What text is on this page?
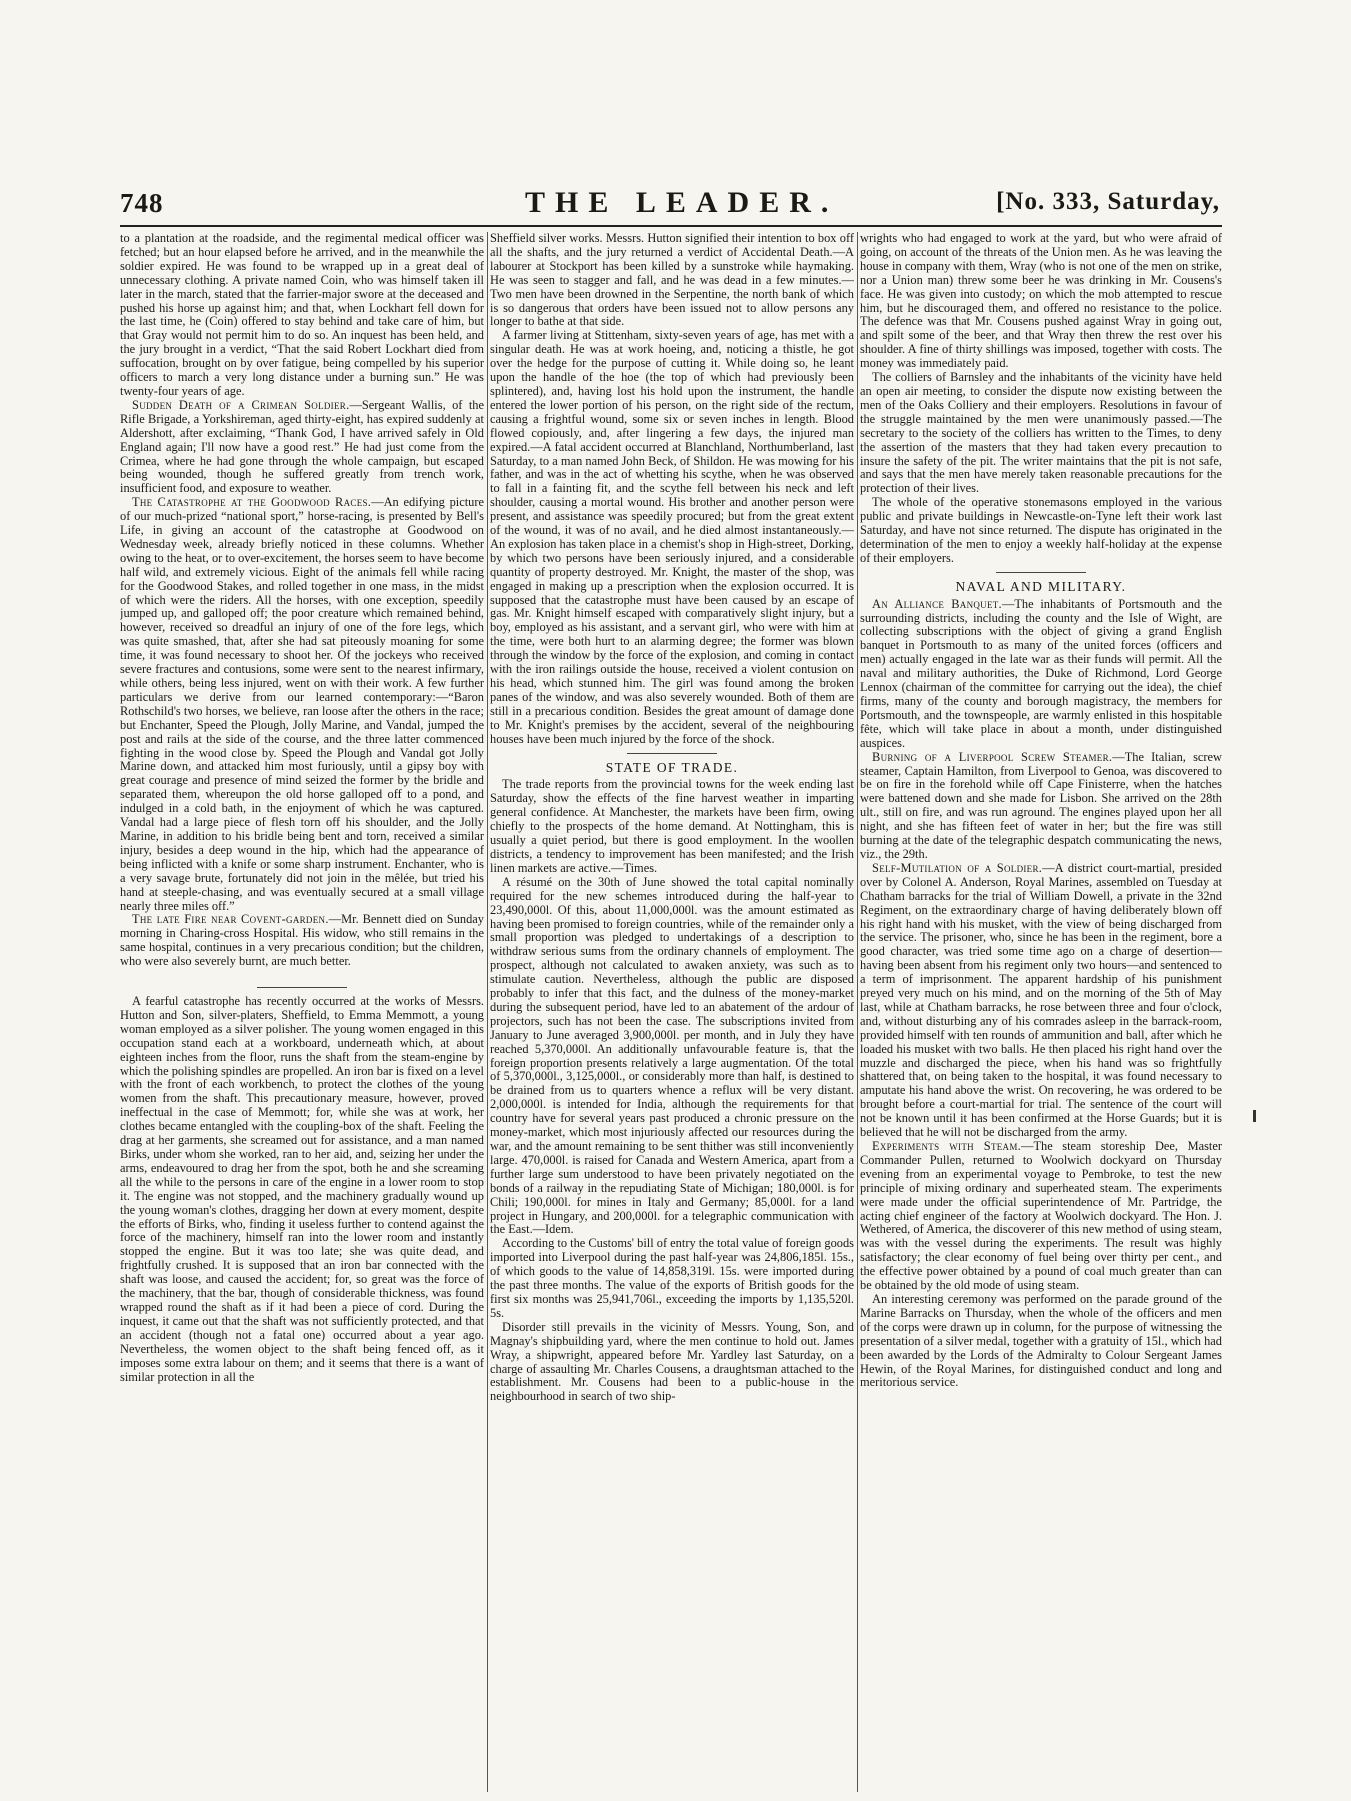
748	THE LEADER.	[No. 333, Saturday,

to a plantation at the roadside, and the regimental medical officer was fetched; but an hour elapsed before he arrived, and in the meanwhile the soldier expired. He was found to be wrapped up in a great deal of unnecessary clothing. A private named Coin, who was himself taken ill later in the march, stated that the farrier-major swore at the deceased and pushed his horse up against him; and that, when Lockhart fell down for the last time, he (Coin) offered to stay behind and take care of him, but that Gray would not permit him to do so. An inquest has been held, and the jury brought in a verdict, “That the said Robert Lockhart died from suffocation, brought on by over fatigue, being compelled by his superior officers to march a very long distance under a burning sun.” He was twenty-four years of age.

Sudden Death of a Crimean Soldier.—Sergeant Wallis, of the Rifle Brigade, a Yorkshireman, aged thirty-eight, has expired suddenly at Aldershott, after exclaiming, “Thank God, I have arrived safely in Old England again; I'll now have a good rest.” He had just come from the Crimea, where he had gone through the whole campaign, but escaped being wounded, though he suffered greatly from trench work, insufficient food, and exposure to weather.

The Catastrophe at the Goodwood Races.—An edifying picture of our much-prized “national sport,” horse-racing, is presented by Bell's Life, in giving an account of the catastrophe at Goodwood on Wednesday week, already briefly noticed in these columns. Whether owing to the heat, or to over-excitement, the horses seem to have become half wild, and extremely vicious. Eight of the animals fell while racing for the Goodwood Stakes, and rolled together in one mass, in the midst of which were the riders. All the horses, with one exception, speedily jumped up, and galloped off; the poor creature which remained behind, however, received so dreadful an injury of one of the fore legs, which was quite smashed, that, after she had sat piteously moaning for some time, it was found necessary to shoot her. Of the jockeys who received severe fractures and contusions, some were sent to the nearest infirmary, while others, being less injured, went on with their work. A few further particulars we derive from our learned contemporary:—“Baron Rothschild's two horses, we believe, ran loose after the others in the race; but Enchanter, Speed the Plough, Jolly Marine, and Vandal, jumped the post and rails at the side of the course, and the three latter commenced fighting in the wood close by. Speed the Plough and Vandal got Jolly Marine down, and attacked him most furiously, until a gipsy boy with great courage and presence of mind seized the former by the bridle and separated them, whereupon the old horse galloped off to a pond, and indulged in a cold bath, in the enjoyment of which he was captured. Vandal had a large piece of flesh torn off his shoulder, and the Jolly Marine, in addition to his bridle being bent and torn, received a similar injury, besides a deep wound in the hip, which had the appearance of being inflicted with a knife or some sharp instrument. Enchanter, who is a very savage brute, fortunately did not join in the mêlée, but tried his hand at steeple-chasing, and was eventually secured at a small village nearly three miles off.”

The late Fire near Covent-garden.—Mr. Bennett died on Sunday morning in Charing-cross Hospital. His widow, who still remains in the same hospital, continues in a very precarious condition; but the children, who were also severely burnt, are much better.

A fearful catastrophe has recently occurred at the works of Messrs. Hutton and Son, silver-platers, Sheffield, to Emma Memmott, a young woman employed as a silver polisher. The young women engaged in this occupation stand each at a workboard, underneath which, at about eighteen inches from the floor, runs the shaft from the steam-engine by which the polishing spindles are propelled. An iron bar is fixed on a level with the front of each workbench, to protect the clothes of the young women from the shaft. This precautionary measure, however, proved ineffectual in the case of Memmott; for, while she was at work, her clothes became entangled with the coupling-box of the shaft. Feeling the drag at her garments, she screamed out for assistance, and a man named Birks, under whom she worked, ran to her aid, and, seizing her under the arms, endeavoured to drag her from the spot, both he and she screaming all the while to the persons in care of the engine in a lower room to stop it. The engine was not stopped, and the machinery gradually wound up the young woman's clothes, dragging her down at every moment, despite the efforts of Birks, who, finding it useless further to contend against the force of the machinery, himself ran into the lower room and instantly stopped the engine. But it was too late; she was quite dead, and frightfully crushed. It is supposed that an iron bar connected with the shaft was loose, and caused the accident; for, so great was the force of the machinery, that the bar, though of considerable thickness, was found wrapped round the shaft as if it had been a piece of cord. During the inquest, it came out that the shaft was not sufficiently protected, and that an accident (though not a fatal one) occurred about a year ago. Nevertheless, the women object to the shaft being fenced off, as it imposes some extra labour on them; and it seems that there is a want of similar protection in all the

Sheffield silver works. Messrs. Hutton signified their intention to box off all the shafts, and the jury returned a verdict of Accidental Death.—A labourer at Stockport has been killed by a sunstroke while haymaking. He was seen to stagger and fall, and he was dead in a few minutes.—Two men have been drowned in the Serpentine, the north bank of which is so dangerous that orders have been issued not to allow persons any longer to bathe at that side.

A farmer living at Stittenham, sixty-seven years of age, has met with a singular death. He was at work hoeing, and, noticing a thistle, he got over the hedge for the purpose of cutting it. While doing so, he leant upon the handle of the hoe (the top of which had previously been splintered), and, having lost his hold upon the instrument, the handle entered the lower portion of his person, on the right side of the rectum, causing a frightful wound, some six or seven inches in length. Blood flowed copiously, and, after lingering a few days, the injured man expired.—A fatal accident occurred at Blanchland, Northumberland, last Saturday, to a man named John Beck, of Shildon. He was mowing for his father, and was in the act of whetting his scythe, when he was observed to fall in a fainting fit, and the scythe fell between his neck and left shoulder, causing a mortal wound. His brother and another person were present, and assistance was speedily procured; but from the great extent of the wound, it was of no avail, and he died almost instantaneously.—An explosion has taken place in a chemist's shop in High-street, Dorking, by which two persons have been seriously injured, and a considerable quantity of property destroyed. Mr. Knight, the master of the shop, was engaged in making up a prescription when the explosion occurred. It is supposed that the catastrophe must have been caused by an escape of gas. Mr. Knight himself escaped with comparatively slight injury, but a boy, employed as his assistant, and a servant girl, who were with him at the time, were both hurt to an alarming degree; the former was blown through the window by the force of the explosion, and coming in contact with the iron railings outside the house, received a violent contusion on his head, which stunned him. The girl was found among the broken panes of the window, and was also severely wounded. Both of them are still in a precarious condition. Besides the great amount of damage done to Mr. Knight's premises by the accident, several of the neighbouring houses have been much injured by the force of the shock.

STATE OF TRADE.

The trade reports from the provincial towns for the week ending last Saturday, show the effects of the fine harvest weather in imparting general confidence. At Manchester, the markets have been firm, owing chiefly to the prospects of the home demand. At Nottingham, this is usually a quiet period, but there is good employment. In the woollen districts, a tendency to improvement has been manifested; and the Irish linen markets are active.—Times.

A résumé on the 30th of June showed the total capital nominally required for the new schemes introduced during the half-year to 23,490,000l. Of this, about 11,000,000l. was the amount estimated as having been promised to foreign countries, while of the remainder only a small proportion was pledged to undertakings of a description to withdraw serious sums from the ordinary channels of employment. The prospect, although not calculated to awaken anxiety, was such as to stimulate caution. Nevertheless, although the public are disposed probably to infer that this fact, and the dulness of the money-market during the subsequent period, have led to an abatement of the ardour of projectors, such has not been the case. The subscriptions invited from January to June averaged 3,900,000l. per month, and in July they have reached 5,370,000l. An additionally unfavourable feature is, that the foreign proportion presents relatively a large augmentation. Of the total of 5,370,000l., 3,125,000l., or considerably more than half, is destined to be drained from us to quarters whence a reflux will be very distant. 2,000,000l. is intended for India, although the requirements for that country have for several years past produced a chronic pressure on the money-market, which most injuriously affected our resources during the war, and the amount remaining to be sent thither was still inconveniently large. 470,000l. is raised for Canada and Western America, apart from a further large sum understood to have been privately negotiated on the bonds of a railway in the repudiating State of Michigan; 180,000l. is for Chili; 190,000l. for mines in Italy and Germany; 85,000l. for a land project in Hungary, and 200,000l. for a telegraphic communication with the East.—Idem.

According to the Customs' bill of entry the total value of foreign goods imported into Liverpool during the past half-year was 24,806,185l. 15s., of which goods to the value of 14,858,319l. 15s. were imported during the past three months. The value of the exports of British goods for the first six months was 25,941,706l., exceeding the imports by 1,135,520l. 5s.

Disorder still prevails in the vicinity of Messrs. Young, Son, and Magnay's shipbuilding yard, where the men continue to hold out. James Wray, a shipwright, appeared before Mr. Yardley last Saturday, on a charge of assaulting Mr. Charles Cousens, a draughtsman attached to the establishment. Mr. Cousens had been to a public-house in the neighbourhood in search of two ship-

wrights who had engaged to work at the yard, but who were afraid of going, on account of the threats of the Union men. As he was leaving the house in company with them, Wray (who is not one of the men on strike, nor a Union man) threw some beer he was drinking in Mr. Cousens's face. He was given into custody; on which the mob attempted to rescue him, but he discouraged them, and offered no resistance to the police. The defence was that Mr. Cousens pushed against Wray in going out, and spilt some of the beer, and that Wray then threw the rest over his shoulder. A fine of thirty shillings was imposed, together with costs. The money was immediately paid.

The colliers of Barnsley and the inhabitants of the vicinity have held an open air meeting, to consider the dispute now existing between the men of the Oaks Colliery and their employers. Resolutions in favour of the struggle maintained by the men were unanimously passed.—The secretary to the society of the colliers has written to the Times, to deny the assertion of the masters that they had taken every precaution to insure the safety of the pit. The writer maintains that the pit is not safe, and says that the men have merely taken reasonable precautions for the protection of their lives.

The whole of the operative stonemasons employed in the various public and private buildings in Newcastle-on-Tyne left their work last Saturday, and have not since returned. The dispute has originated in the determination of the men to enjoy a weekly half-holiday at the expense of their employers.

NAVAL AND MILITARY.

An Alliance Banquet.—The inhabitants of Portsmouth and the surrounding districts, including the county and the Isle of Wight, are collecting subscriptions with the object of giving a grand English banquet in Portsmouth to as many of the united forces (officers and men) actually engaged in the late war as their funds will permit. All the naval and military authorities, the Duke of Richmond, Lord George Lennox (chairman of the committee for carrying out the idea), the chief firms, many of the county and borough magistracy, the members for Portsmouth, and the townspeople, are warmly enlisted in this hospitable fête, which will take place in about a month, under distinguished auspices.

Burning of a Liverpool Screw Steamer.—The Italian, screw steamer, Captain Hamilton, from Liverpool to Genoa, was discovered to be on fire in the forehold while off Cape Finisterre, when the hatches were battened down and she made for Lisbon. She arrived on the 28th ult., still on fire, and was run aground. The engines played upon her all night, and she has fifteen feet of water in her; but the fire was still burning at the date of the telegraphic despatch communicating the news, viz., the 29th.

Self-Mutilation of a Soldier.—A district court-martial, presided over by Colonel A. Anderson, Royal Marines, assembled on Tuesday at Chatham barracks for the trial of William Dowell, a private in the 32nd Regiment, on the extraordinary charge of having deliberately blown off his right hand with his musket, with the view of being discharged from the service. The prisoner, who, since he has been in the regiment, bore a good character, was tried some time ago on a charge of desertion—having been absent from his regiment only two hours—and sentenced to a term of imprisonment. The apparent hardship of his punishment preyed very much on his mind, and on the morning of the 5th of May last, while at Chatham barracks, he rose between three and four o'clock, and, without disturbing any of his comrades asleep in the barrack-room, provided himself with ten rounds of ammunition and ball, after which he loaded his musket with two balls. He then placed his right hand over the muzzle and discharged the piece, when his hand was so frightfully shattered that, on being taken to the hospital, it was found necessary to amputate his hand above the wrist. On recovering, he was ordered to be brought before a court-martial for trial. The sentence of the court will not be known until it has been confirmed at the Horse Guards; but it is believed that he will not be discharged from the army.

Experiments with Steam.—The steam storeship Dee, Master Commander Pullen, returned to Woolwich dockyard on Thursday evening from an experimental voyage to Pembroke, to test the new principle of mixing ordinary and superheated steam. The experiments were made under the official superintendence of Mr. Partridge, the acting chief engineer of the factory at Woolwich dockyard. The Hon. J. Wethered, of America, the discoverer of this new method of using steam, was with the vessel during the experiments. The result was highly satisfactory; the clear economy of fuel being over thirty per cent., and the effective power obtained by a pound of coal much greater than can be obtained by the old mode of using steam.

An interesting ceremony was performed on the parade ground of the Marine Barracks on Thursday, when the whole of the officers and men of the corps were drawn up in column, for the purpose of witnessing the presentation of a silver medal, together with a gratuity of 15l., which had been awarded by the Lords of the Admiralty to Colour Sergeant James Hewin, of the Royal Marines, for distinguished conduct and long and meritorious service.
